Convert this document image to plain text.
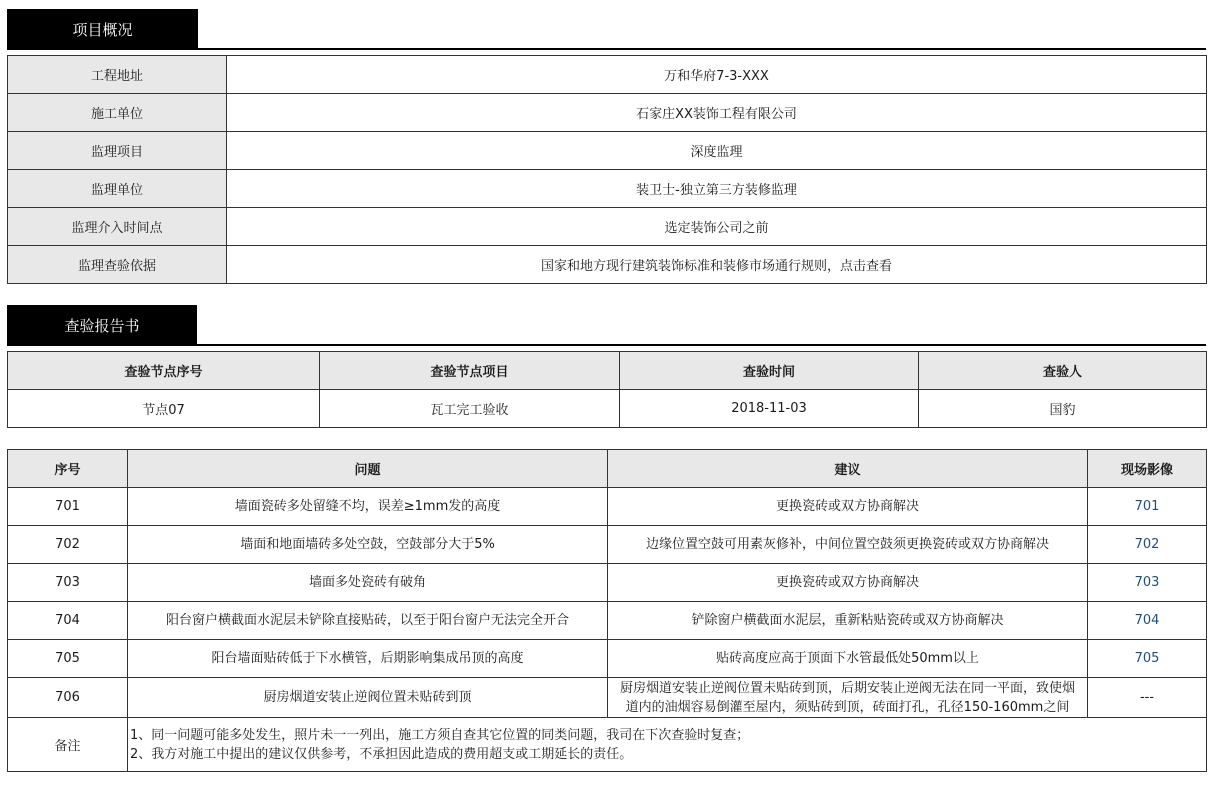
项目概况
工程地址	万和华府7-3-XXX
施工单位	石家庄XX装饰工程有限公司
监理项目	深度监理
监理单位	装卫士-独立第三方装修监理
监理介入时间点	选定装饰公司之前
监理查验依据	国家和地方现行建筑装饰标准和装修市场通行规则，点击查看
查验报告书
查验节点序号	查验节点项目	查验时间	查验人
节点07	瓦工完工验收	2018-11-03	国豹
序号	问题	建议	现场影像
701	墙面瓷砖多处留缝不均，误差≥1mm发的高度	更换瓷砖或双方协商解决	701
702	墙面和地面墙砖多处空鼓，空鼓部分大于5%	边缘位置空鼓可用素灰修补，中间位置空鼓须更换瓷砖或双方协商解决	702
703	墙面多处瓷砖有破角	更换瓷砖或双方协商解决	703
704	阳台窗户横截面水泥层未铲除直接贴砖，以至于阳台窗户无法完全开合	铲除窗户横截面水泥层，重新粘贴瓷砖或双方协商解决	704
705	阳台墙面贴砖低于下水横管，后期影响集成吊顶的高度	贴砖高度应高于顶面下水管最低处50mm以上	705
706	厨房烟道安装止逆阀位置未贴砖到顶	厨房烟道安装止逆阀位置未贴砖到顶，后期安装止逆阀无法在同一平面，致使烟道内的油烟容易倒灌至屋内，须贴砖到顶，砖面打孔，孔径150-160mm之间	---
备注	1、同一问题可能多处发生，照片未一一列出，施工方须自查其它位置的同类问题，我司在下次查验时复查；
2、我方对施工中提出的建议仅供参考，不承担因此造成的费用超支或工期延长的责任。		
